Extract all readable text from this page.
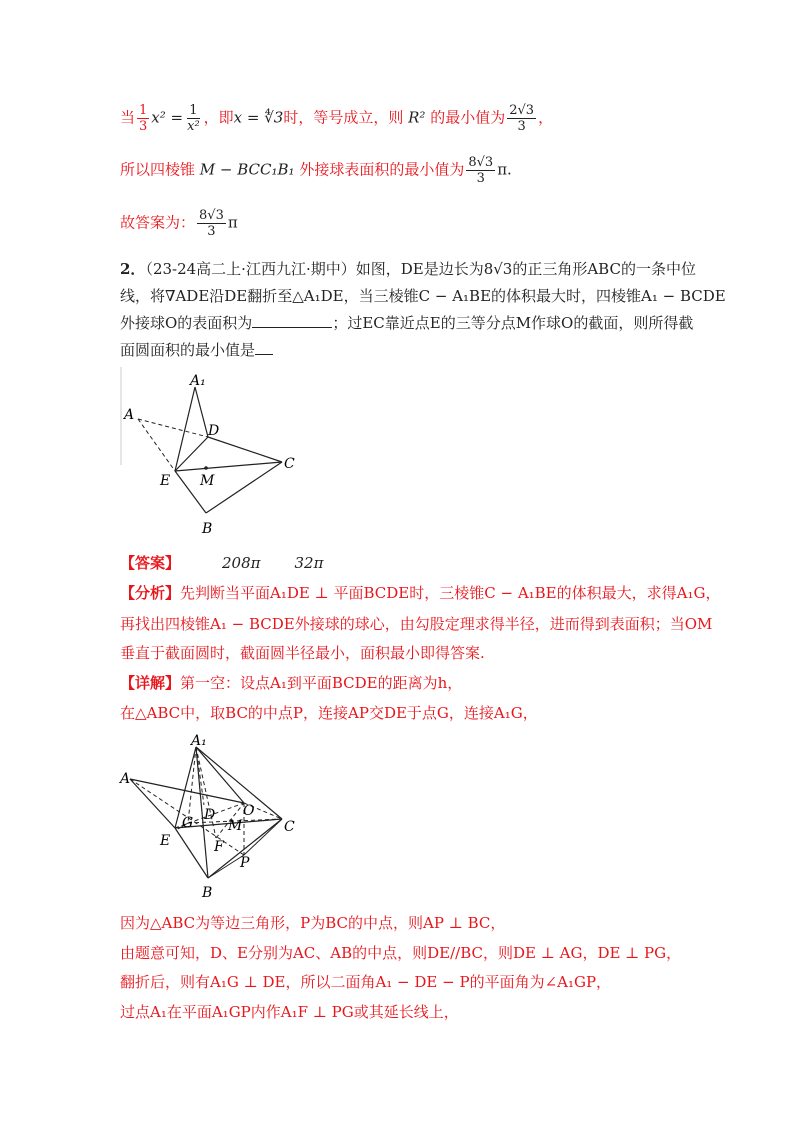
当 $\frac{1}{3} x^2 = \frac{1}{\text{x²}}$ ，即x = ∜3时，等号成立，则 R² 的最小值为 $\frac{2√3}{3}$ ，
所以四棱锥 M − BCC₁B₁ 外接球表面积的最小值为 $\frac{8√3}{3} \pi$.
故答案为： $\frac{8√3}{3}$ π
2．（23-24高二上·江西九江·期中）如图，DE是边长为8√3的正三角形ABC的一条中位
线，将∇ADE沿DE翻折至△A₁DE，当三棱锥C − A₁BE的体积最大时，四棱锥A₁ − BCDE
外接球O的表面积为	；过EC靠近点E的三等分点M作球O的截面，则所得截
面圆面积的最小值是
A₁
A
D
E M
C
B
【答案】	208π 32π
【分析】先判断当平面A₁DE ⊥ 平面BCDE时，三棱锥C − A₁BE的体积最大，求得A₁G，
再找出四棱锥A₁ − BCDE外接球的球心，由勾股定理求得半径，进而得到表面积；当OM
垂直于截面圆时，截面圆半径最小，面积最小即得答案.
【详解】第一空：设点A₁到平面BCDE的距离为h，
在△ABC中，取BC的中点P，连接AP交DE于点G，连接A₁G，
A₁
A
O
D
G M
E	F
C
P
B
因为△ABC为等边三角形，P为BC的中点，则AP ⊥ BC，
由题意可知，D、E分别为AC、AB的中点，则DE//BC，则DE ⊥ AG，DE ⊥ PG，
翻折后，则有A₁G ⊥ DE，所以二面角A₁ − DE − P的平面角为∠A₁GP，
过点A₁在平面A₁GP内作A₁F ⊥ PG或其延长线上，
